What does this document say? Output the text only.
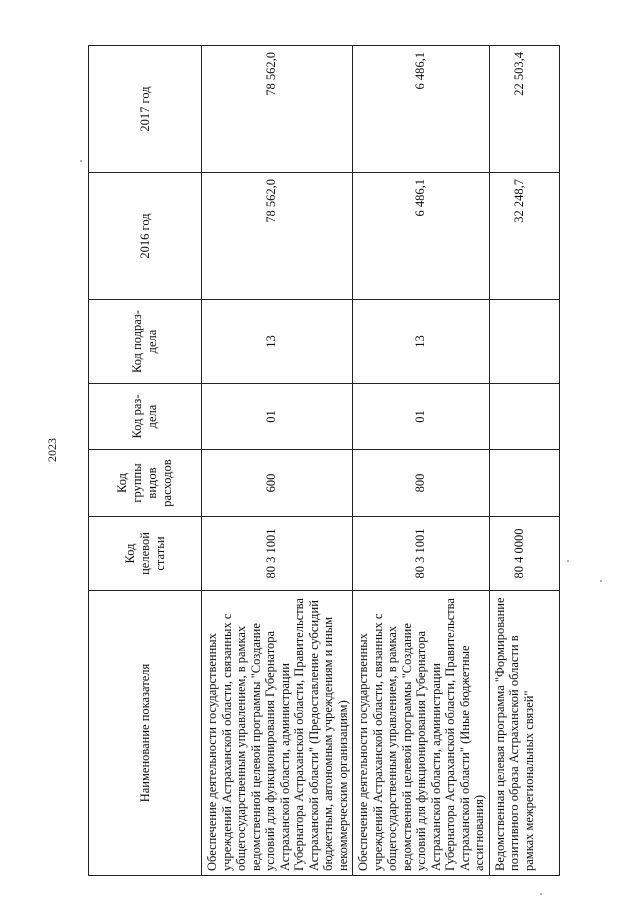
2023
Наименование показателя	Код целевой статьи	Код группы видов расходов	Код раз-дела	Код подраз-дела	2016 год	2017 год
Обеспечение деятельности государственных учреждений Астраханской области, связанных с общегосударственным управлением, в рамках ведомственной целевой программы "Создание условий для функционирования Губернатора Астраханской области, администрации Губернатора Астраханской области, Правительства Астраханской области" (Предоставление субсидий бюджетным, автономным учреждениям и иным некоммерческим организациям)	80 3 1001	600	01	13	78 562,0	78 562,0
Обеспечение деятельности государственных учреждений Астраханской области, связанных с общегосударственным управлением, в рамках ведомственной целевой программы "Создание условий для функционирования Губернатора Астраханской области, администрации Губернатора Астраханской области, Правительства Астраханской области" (Иные бюджетные ассигнования)	80 3 1001	800	01	13	6 486,1	6 486,1
Ведомственная целевая программа "Формирование позитивного образа Астраханской области в рамках межрегиональных связей"	80 4 0000				32 248,7	22 503,4
